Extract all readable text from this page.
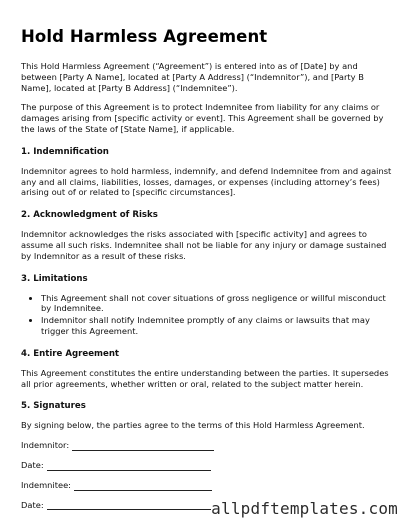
Hold Harmless Agreement

This Hold Harmless Agreement (“Agreement”) is entered into as of [Date] by and between [Party A Name], located at [Party A Address] (“Indemnitor”), and [Party B Name], located at [Party B Address] (“Indemnitee”).

The purpose of this Agreement is to protect Indemnitee from liability for any claims or damages arising from [specific activity or event]. This Agreement shall be governed by the laws of the State of [State Name], if applicable.

1. Indemnification

Indemnitor agrees to hold harmless, indemnify, and defend Indemnitee from and against any and all claims, liabilities, losses, damages, or expenses (including attorney’s fees) arising out of or related to [specific circumstances].

2. Acknowledgment of Risks

Indemnitor acknowledges the risks associated with [specific activity] and agrees to assume all such risks. Indemnitee shall not be liable for any injury or damage sustained by Indemnitor as a result of these risks.

3. Limitations
• This Agreement shall not cover situations of gross negligence or willful misconduct by Indemnitee.
• Indemnitor shall notify Indemnitee promptly of any claims or lawsuits that may trigger this Agreement.
4. Entire Agreement

This Agreement constitutes the entire understanding between the parties. It supersedes all prior agreements, whether written or oral, related to the subject matter herein.

5. Signatures

By signing below, the parties agree to the terms of this Hold Harmless Agreement.

Indemnitor:
Date:
Indemnitee:
Date:	allpdftemplates.com
